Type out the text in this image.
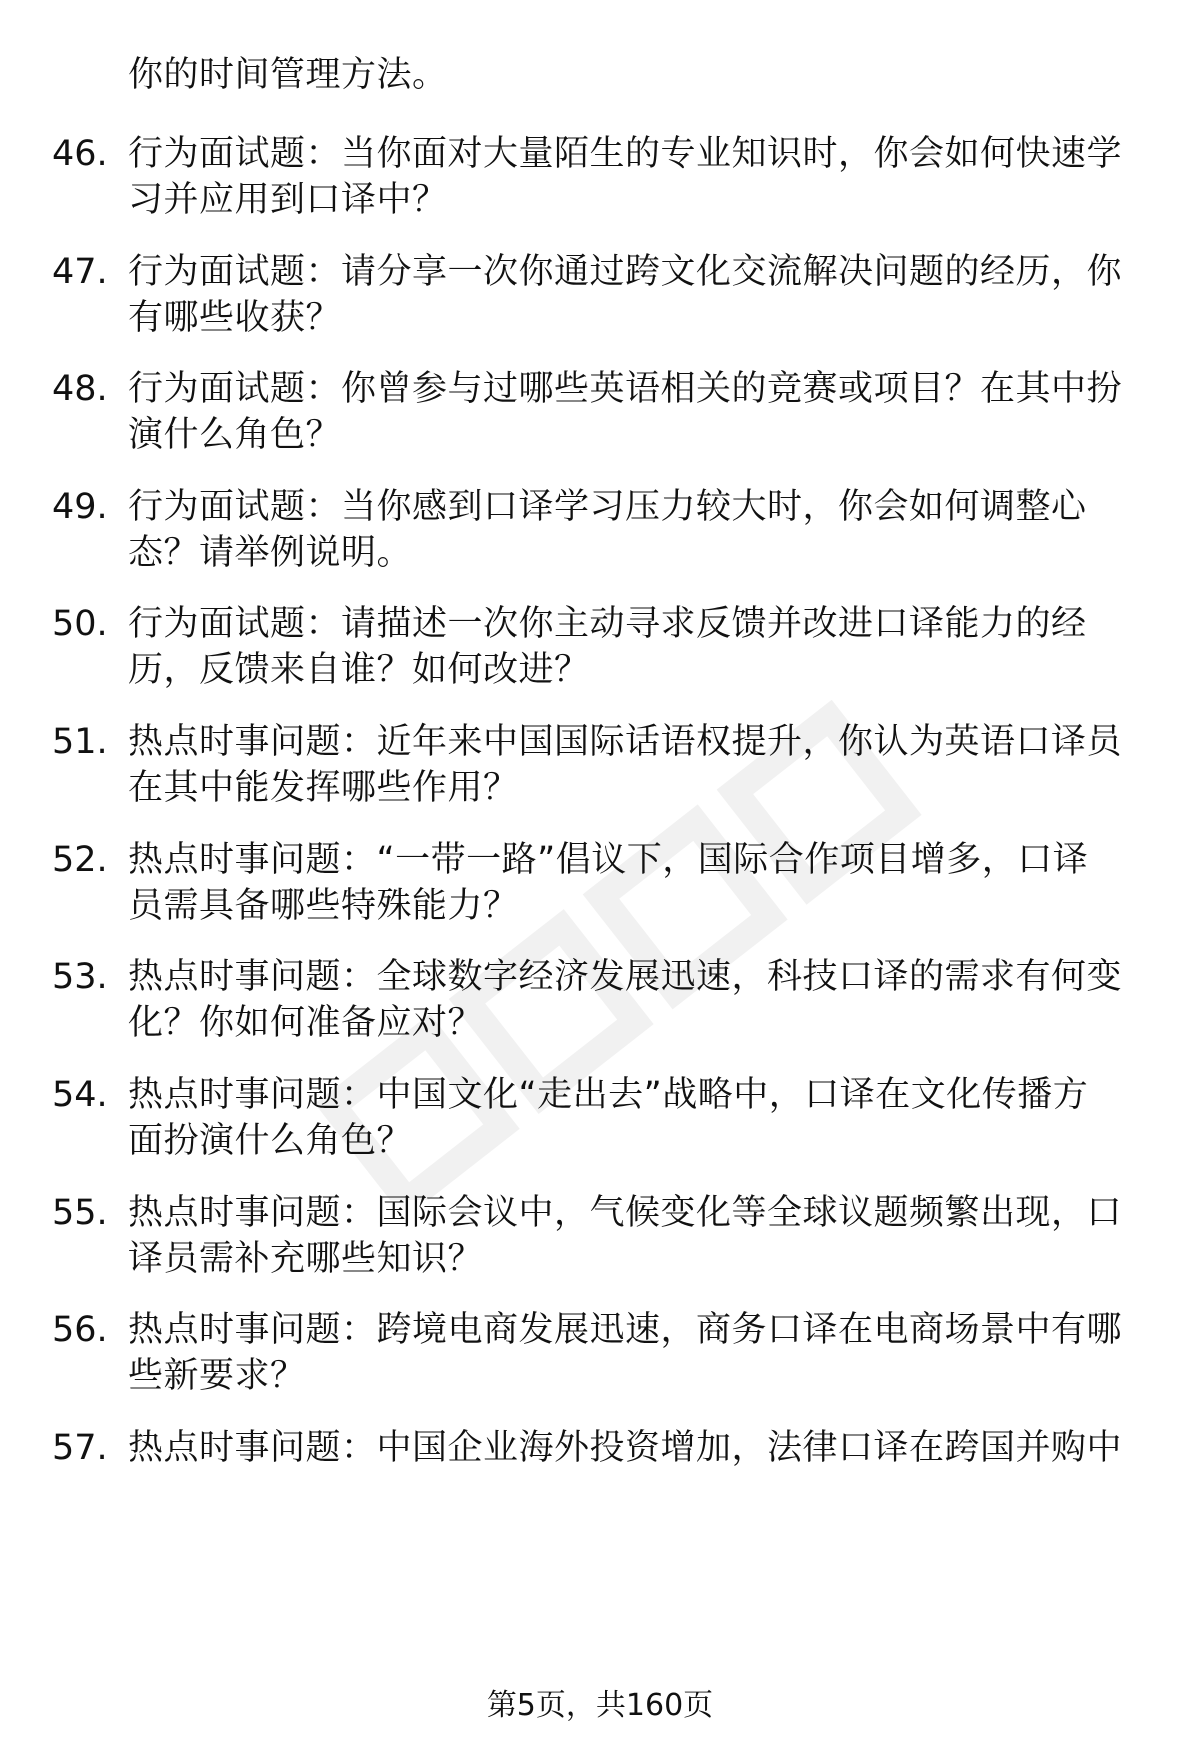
你的时间管理方法。
46. 行为面试题：当你面对大量陌生的专业知识时，你会如何快速学
习并应用到口译中？
47. 行为面试题：请分享一次你通过跨文化交流解决问题的经历，你
有哪些收获？
48. 行为面试题：你曾参与过哪些英语相关的竞赛或项目？在其中扮
演什么角色？
49. 行为面试题：当你感到口译学习压力较大时，你会如何调整心
态？请举例说明。
50. 行为面试题：请描述一次你主动寻求反馈并改进口译能力的经
历，反馈来自谁？如何改进？
51. 热点时事问题：近年来中国国际话语权提升，你认为英语口译员
在其中能发挥哪些作用？
52. 热点时事问题：“一带一路”倡议下，国际合作项目增多，口译
员需具备哪些特殊能力？
53. 热点时事问题：全球数字经济发展迅速，科技口译的需求有何变
化？你如何准备应对？
54. 热点时事问题：中国文化“走出去”战略中，口译在文化传播方
面扮演什么角色？
55. 热点时事问题：国际会议中，气候变化等全球议题频繁出现，口
译员需补充哪些知识？
56. 热点时事问题：跨境电商发展迅速，商务口译在电商场景中有哪
些新要求？
57. 热点时事问题：中国企业海外投资增加，法律口译在跨国并购中
第5页，共160页
